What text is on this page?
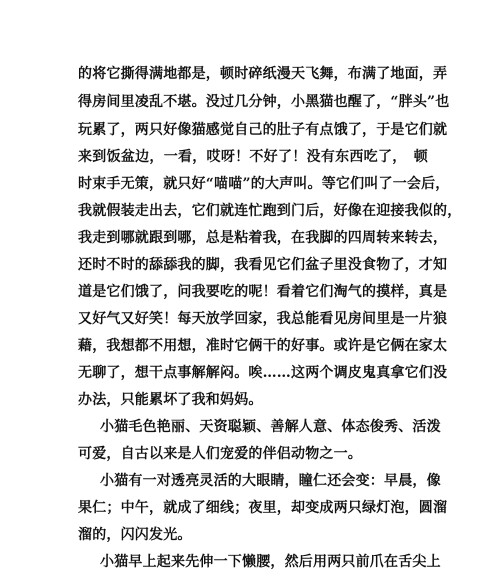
的将它撕得满地都是，顿时碎纸漫天飞舞，布满了地面，弄
得房间里凌乱不堪。没过几分钟，小黑猫也醒了，“胖头”也
玩累了，两只好像猫感觉自己的肚子有点饿了，于是它们就
来到饭盆边，一看，哎呀！不好了！没有东西吃了，　顿
时束手无策，就只好“喵喵”的大声叫。等它们叫了一会后，
我就假装走出去，它们就连忙跑到门后，好像在迎接我似的，
我走到哪就跟到哪，总是粘着我，在我脚的四周转来转去，
还时不时的舔舔我的脚，我看见它们盆子里没食物了，才知
道是它们饿了，问我要吃的呢！看着它们淘气的摸样，真是
又好气又好笑！每天放学回家，我总能看见房间里是一片狼
藉，我想都不用想，准时它俩干的好事。或许是它俩在家太
无聊了，想干点事解解闷。唉……这两个调皮鬼真拿它们没
办法，只能累坏了我和妈妈。
小猫毛色艳丽、天资聪颖、善解人意、体态俊秀、活泼
可爱，自古以来是人们宠爱的伴侣动物之一。
小猫有一对透亮灵活的大眼睛，瞳仁还会变：早晨，像
果仁；中午，就成了细线；夜里，却变成两只绿灯泡，圆溜
溜的，闪闪发光。
小猫早上起来先伸一下懒腰，然后用两只前爪在舌尖上
